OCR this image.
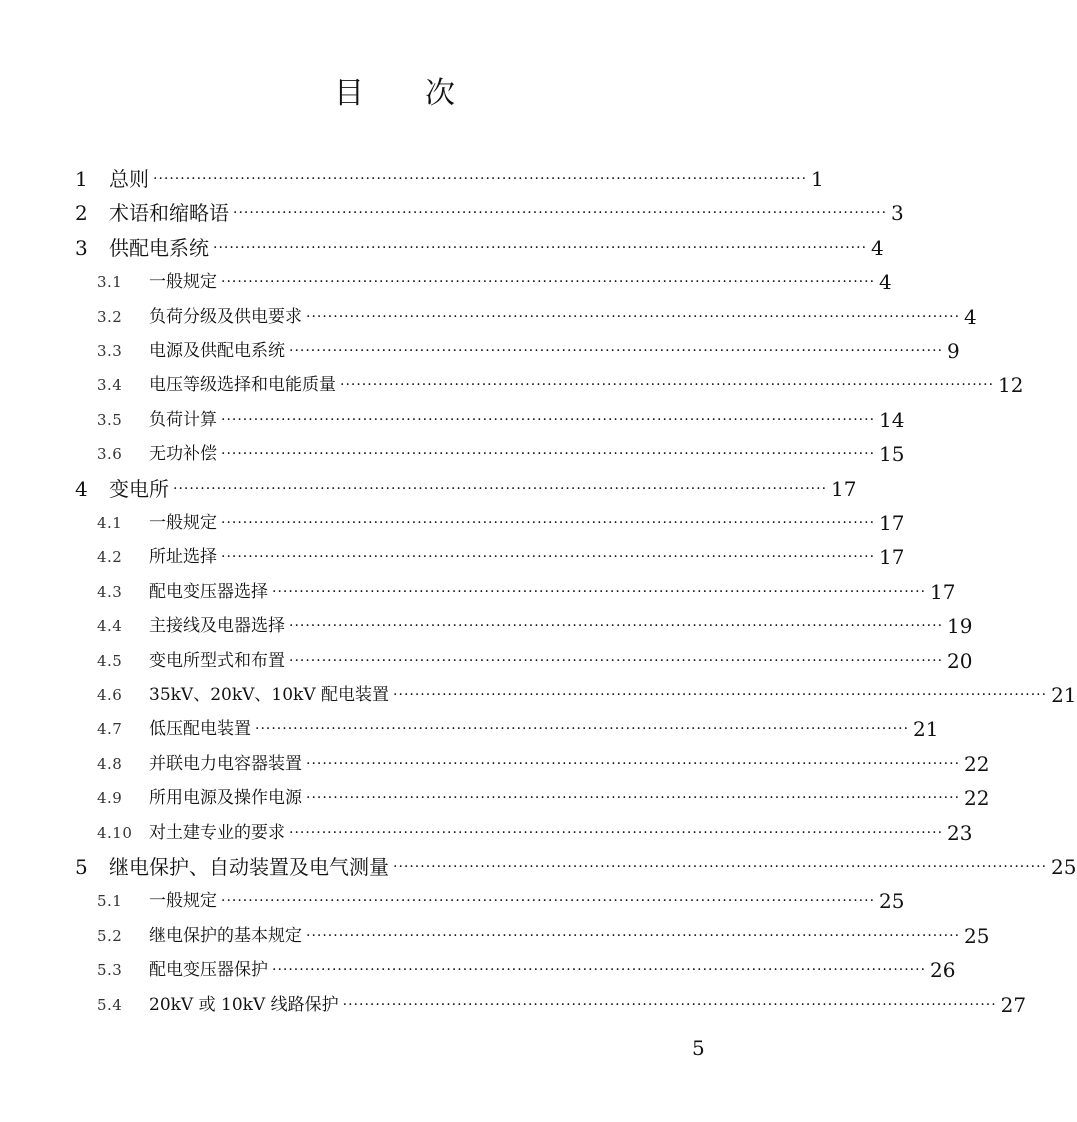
目 次
1	总则 ························································································································ 1
2	术语和缩略语 ························································································································ 3
3	供配电系统 ························································································································ 4
3.1	一般规定 ························································································································ 4
3.2	负荷分级及供电要求 ························································································································ 4
3.3	电源及供配电系统 ························································································································ 9
3.4	电压等级选择和电能质量 ························································································································ 12
3.5	负荷计算 ························································································································ 14
3.6	无功补偿 ························································································································ 15
4	变电所 ························································································································ 17
4.1	一般规定 ························································································································ 17
4.2	所址选择 ························································································································ 17
4.3	配电变压器选择 ························································································································ 17
4.4	主接线及电器选择 ························································································································ 19
4.5	变电所型式和布置 ························································································································ 20
4.6	35kV、20kV、10kV 配电装置 ························································································································ 21
4.7	低压配电装置 ························································································································ 21
4.8	并联电力电容器装置 ························································································································ 22
4.9	所用电源及操作电源 ························································································································ 22
4.10 对土建专业的要求 ························································································································ 23
5	继电保护、自动装置及电气测量 ························································································································ 25
5.1	一般规定 ························································································································ 25
5.2	继电保护的基本规定 ························································································································ 25
5.3	配电变压器保护 ························································································································ 26
5.4	20kV 或 10kV 线路保护 ························································································································ 27
5
